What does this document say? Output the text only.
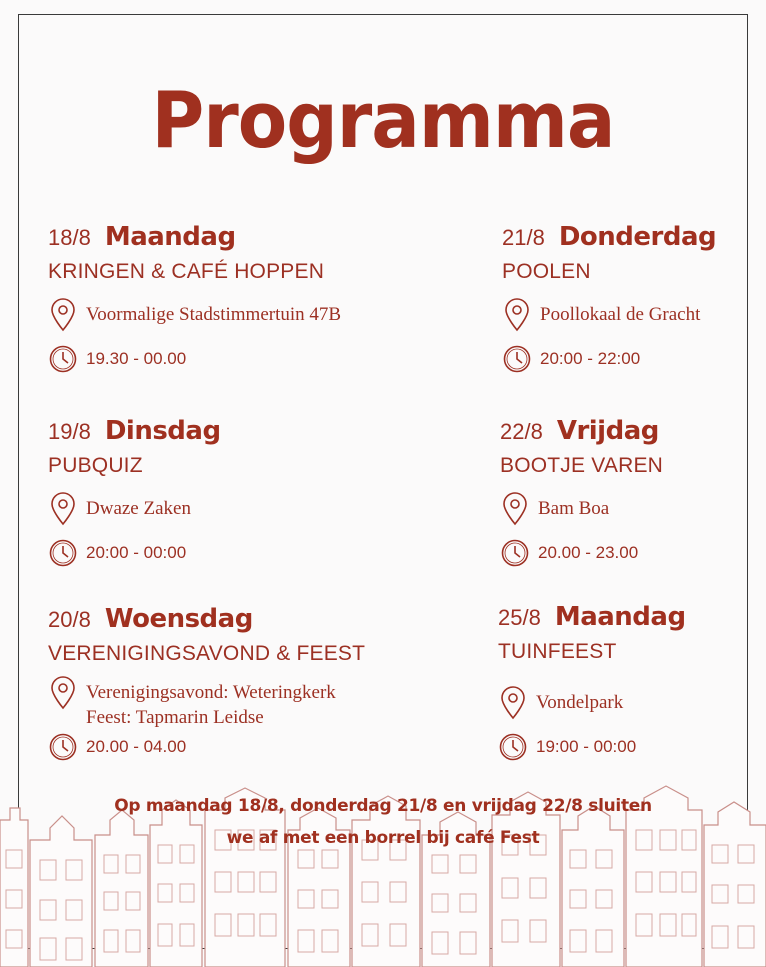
Programma
18/8 Maandag
KRINGEN & CAFÉ HOPPEN
Voormalige Stadstimmertuin 47B
19.30 - 00.00
19/8 Dinsdag
PUBQUIZ
Dwaze Zaken
20:00 - 00:00
20/8 Woensdag
VERENIGINGSAVOND & FEEST
Verenigingsavond: Weteringkerk
Feest: Tapmarin Leidse
20.00 - 04.00
21/8 Donderdag
POOLEN
Poollokaal de Gracht
20:00 - 22:00
22/8 Vrijdag
BOOTJE VAREN
Bam Boa
20.00 - 23.00
25/8 Maandag
TUINFEEST
Vondelpark
19:00 - 00:00
Op maandag 18/8, donderdag 21/8 en vrijdag 22/8 sluiten
we af met een borrel bij café Fest
